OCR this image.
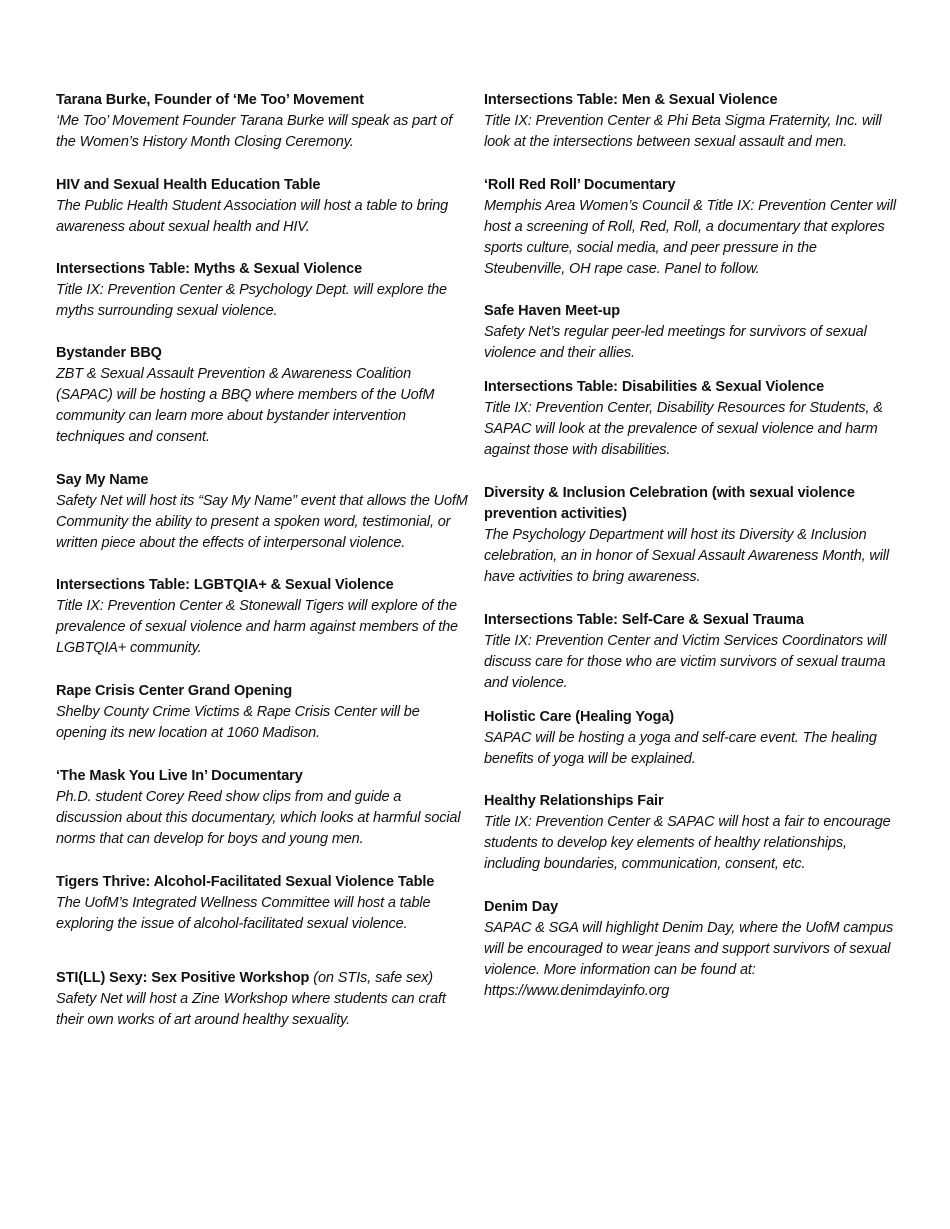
Tarana Burke, Founder of ‘Me Too’ Movement
‘Me Too’ Movement Founder Tarana Burke will speak as part of the Women’s History Month Closing Ceremony.
HIV and Sexual Health Education Table
The Public Health Student Association will host a table to bring awareness about sexual health and HIV.
Intersections Table: Myths & Sexual Violence
Title IX: Prevention Center & Psychology Dept. will explore the myths surrounding sexual violence.
Bystander BBQ
ZBT & Sexual Assault Prevention & Awareness Coalition (SAPAC) will be hosting a BBQ where members of the UofM community can learn more about bystander intervention techniques and consent.
Say My Name
Safety Net will host its “Say My Name” event that allows the UofM Community the ability to present a spoken word, testimonial, or written piece about the effects of interpersonal violence.
Intersections Table: LGBTQIA+ & Sexual Violence
Title IX: Prevention Center & Stonewall Tigers will explore of the prevalence of sexual violence and harm against members of the LGBTQIA+ community.
Rape Crisis Center Grand Opening
Shelby County Crime Victims & Rape Crisis Center will be opening its new location at 1060 Madison.
‘The Mask You Live In’ Documentary
Ph.D. student Corey Reed show clips from and guide a discussion about this documentary, which looks at harmful social norms that can develop for boys and young men.
Tigers Thrive: Alcohol-Facilitated Sexual Violence Table
The UofM’s Integrated Wellness Committee will host a table exploring the issue of alcohol-facilitated sexual violence.
STI(LL) Sexy: Sex Positive Workshop (on STIs, safe sex)
Safety Net will host a Zine Workshop where students can craft their own works of art around healthy sexuality.
Intersections Table: Men & Sexual Violence
Title IX: Prevention Center & Phi Beta Sigma Fraternity, Inc. will look at the intersections between sexual assault and men.
‘Roll Red Roll’ Documentary
Memphis Area Women’s Council & Title IX: Prevention Center will host a screening of Roll, Red, Roll, a documentary that explores sports culture, social media, and peer pressure in the Steubenville, OH rape case. Panel to follow.
Safe Haven Meet-up
Safety Net’s regular peer-led meetings for survivors of sexual violence and their allies.
Intersections Table: Disabilities & Sexual Violence
Title IX: Prevention Center, Disability Resources for Students, & SAPAC will look at the prevalence of sexual violence and harm against those with disabilities.
Diversity & Inclusion Celebration (with sexual violence prevention activities)
The Psychology Department will host its Diversity & Inclusion celebration, an in honor of Sexual Assault Awareness Month, will have activities to bring awareness.
Intersections Table: Self-Care & Sexual Trauma
Title IX: Prevention Center and Victim Services Coordinators will discuss care for those who are victim survivors of sexual trauma and violence.
Holistic Care (Healing Yoga)
SAPAC will be hosting a yoga and self-care event. The healing benefits of yoga will be explained.
Healthy Relationships Fair
Title IX: Prevention Center & SAPAC will host a fair to encourage students to develop key elements of healthy relationships, including boundaries, communication, consent, etc.
Denim Day
SAPAC & SGA will highlight Denim Day, where the UofM campus will be encouraged to wear jeans and support survivors of sexual violence. More information can be found at: https://www.denimdayinfo.org
